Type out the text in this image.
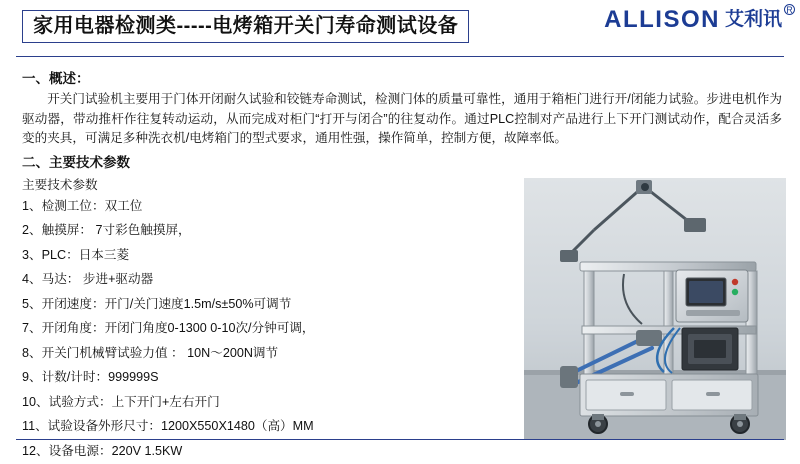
家用电器检测类-----电烤箱开关门寿命测试设备	ALLISON 艾利讯 R
一、概述：

开关门试验机主要用于门体开闭耐久试验和铰链寿命测试，检测门体的质量可靠性，通用于箱柜门进行开/闭能力试验。步进电机作为驱动器，带动推杆作往复转动运动，从而完成对柜门“打开与闭合”的往复动作。通过PLC控制对产品进行上下开门测试动作，配合灵活多变的夹具，可满足多种洗衣机/电烤箱门的型式要求，通用性强，操作简单，控制方便，故障率低。

二、主要技术参数
主要技术参数
1、检测工位：双工位
2、触摸屏： 7寸彩色触摸屏，
3、PLC：日本三菱
4、马达： 步进+驱动器
5、开闭速度：开门/关门速度1.5m/s±50%可调节
7、开闭角度：开闭门角度0-1300 0-10次/分钟可调，
8、开关门机械臂试验力值 ： 10N～200N调节
9、计数/计时：999999S
10、试验方式：上下开门+左右开门
11、试验设备外形尺寸：1200X550X1480（高）MM
12、设备电源：220V 1.5KW
